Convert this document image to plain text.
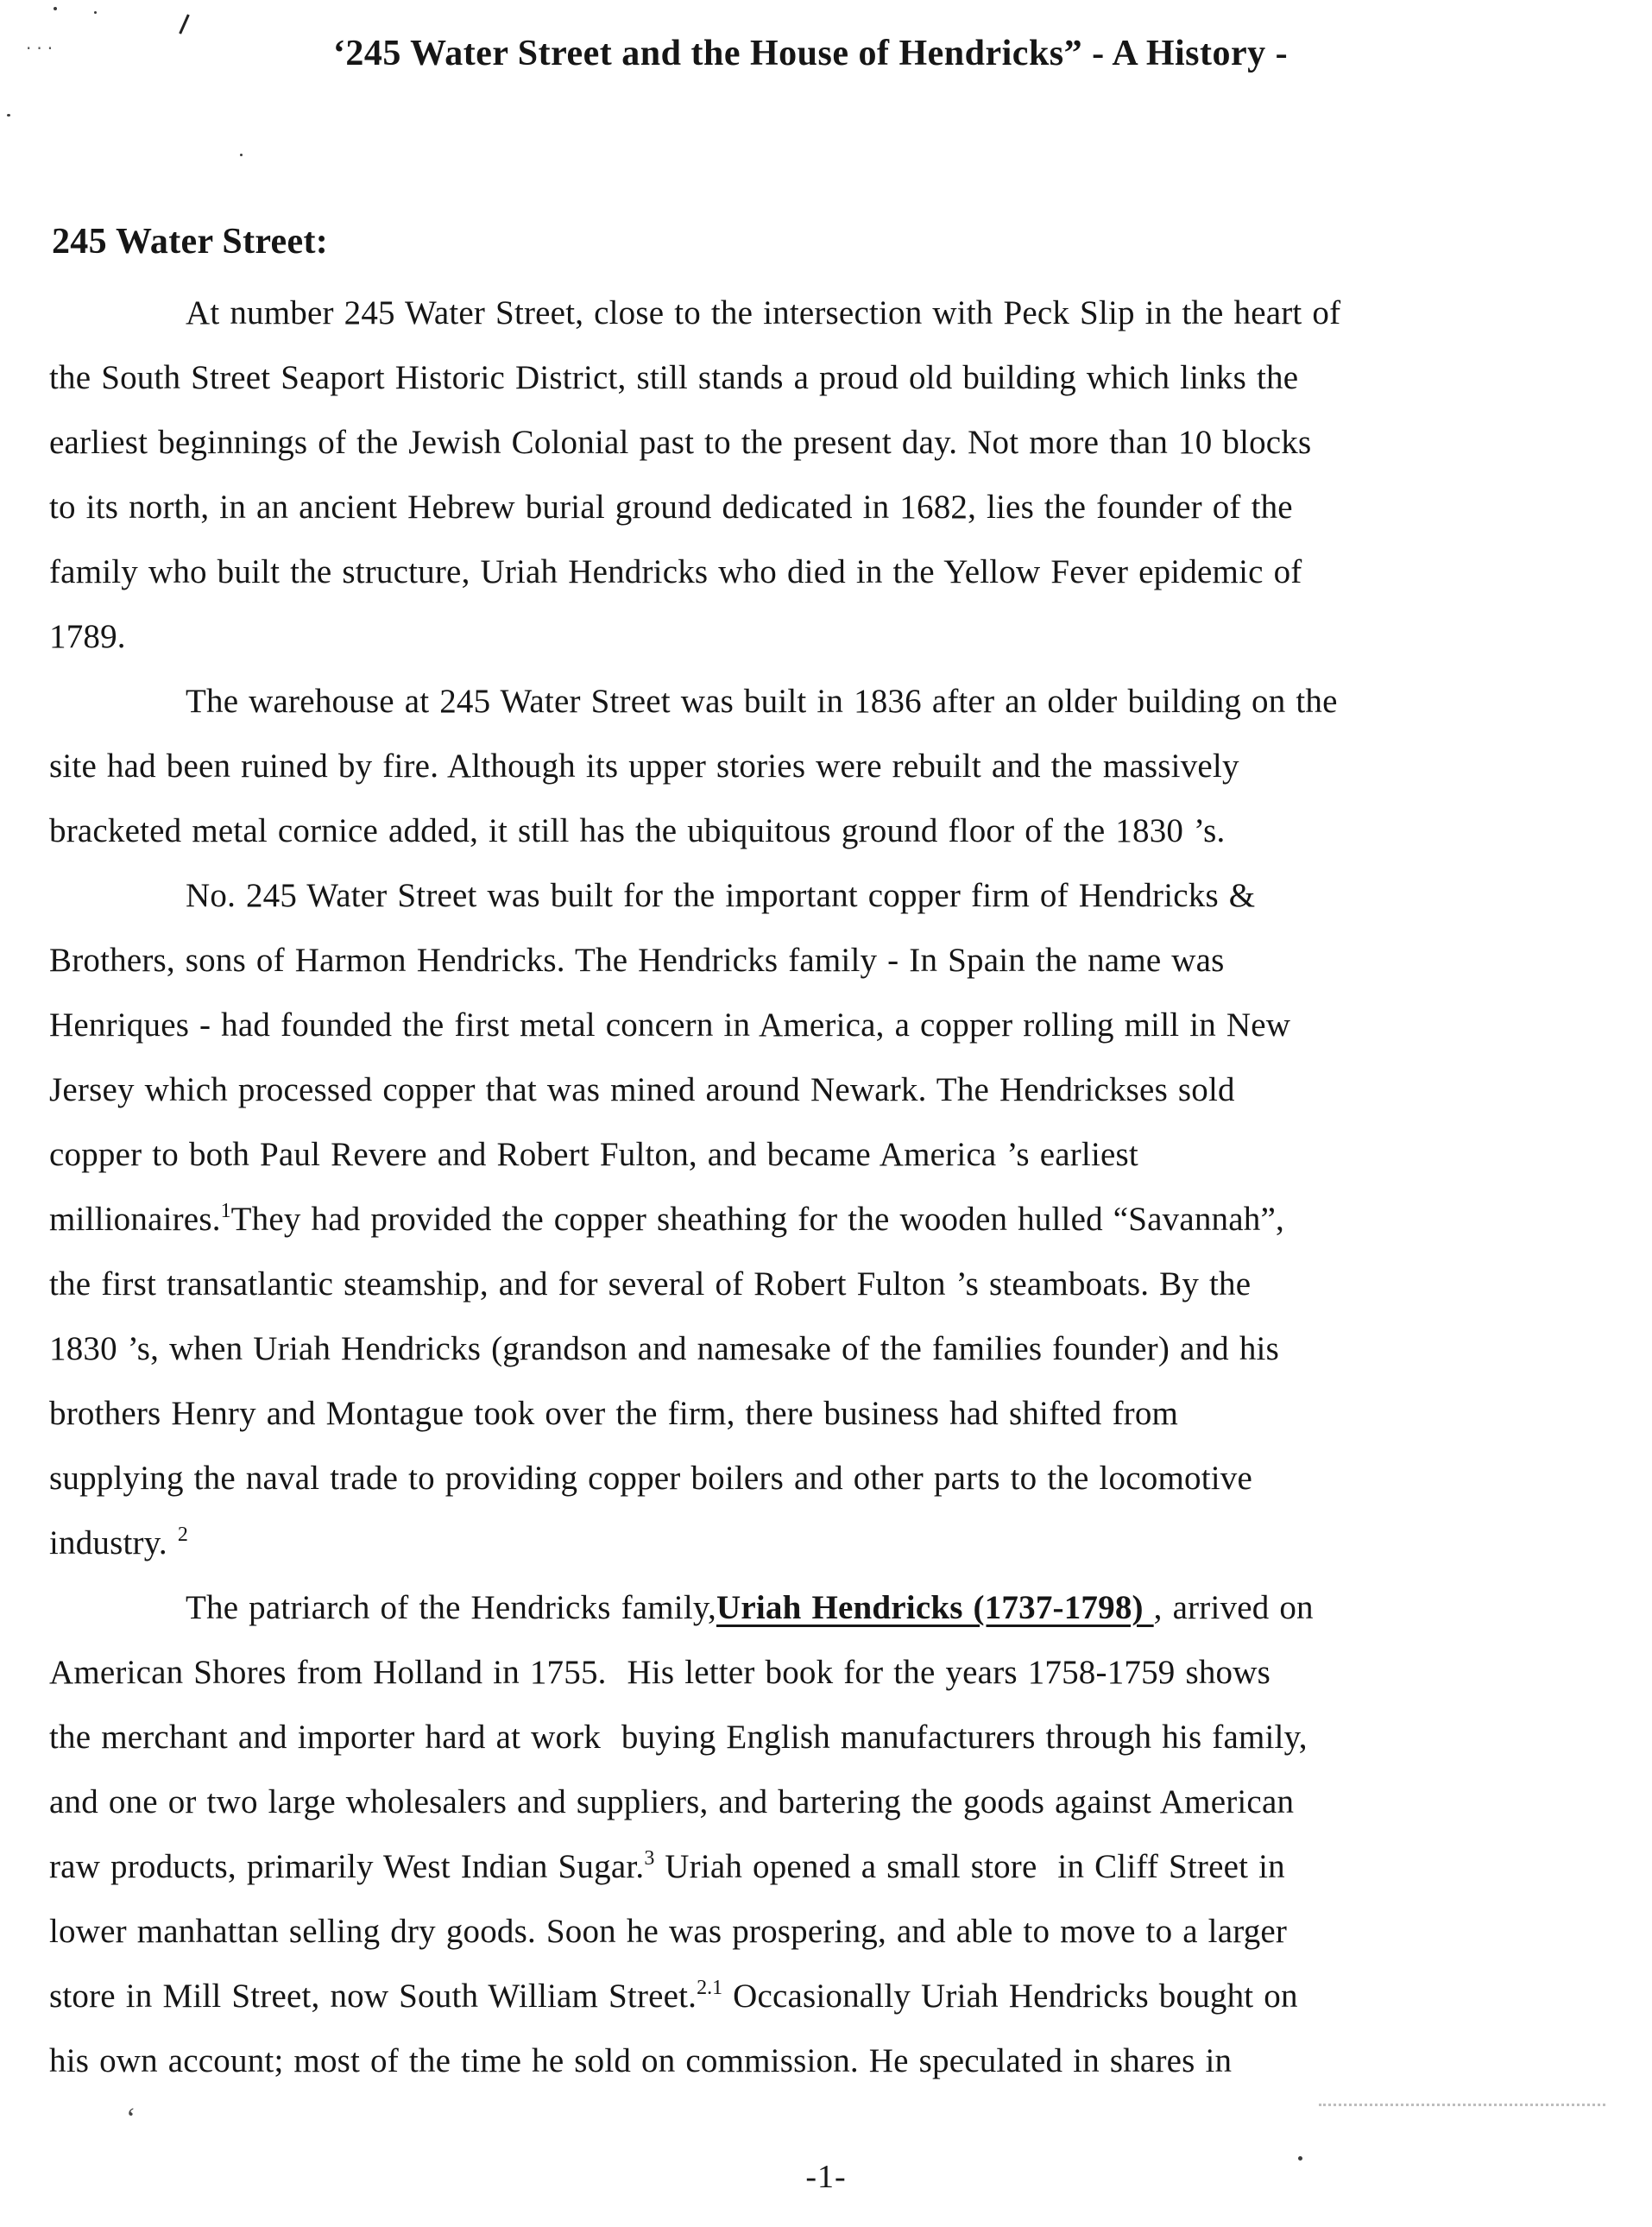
···
‘
‘245 Water Street and the House of Hendricks” - A History -
245 Water Street:
At number 245 Water Street, close to the intersection with Peck Slip in the heart of
the South Street Seaport Historic District, still stands a proud old building which links the
earliest beginnings of the Jewish Colonial past to the present day. Not more than 10 blocks
to its north, in an ancient Hebrew burial ground dedicated in 1682, lies the founder of the
family who built the structure, Uriah Hendricks who died in the Yellow Fever epidemic of
1789.
The warehouse at 245 Water Street was built in 1836 after an older building on the
site had been ruined by fire. Although its upper stories were rebuilt and the massively
bracketed metal cornice added, it still has the ubiquitous ground floor of the 1830 ’s.
No. 245 Water Street was built for the important copper firm of Hendricks &
Brothers, sons of Harmon Hendricks. The Hendricks family - In Spain the name was
Henriques - had founded the first metal concern in America, a copper rolling mill in New
Jersey which processed copper that was mined around Newark. The Hendrickses sold
copper to both Paul Revere and Robert Fulton, and became America ’s earliest
millionaires.$^1$They had provided the copper sheathing for the wooden hulled “Savannah”,
the first transatlantic steamship, and for several of Robert Fulton ’s steamboats. By the
1830 ’s, when Uriah Hendricks (grandson and namesake of the families founder) and his
brothers Henry and Montague took over the firm, there business had shifted from
supplying the naval trade to providing copper boilers and other parts to the locomotive
industry. $^2$
The patriarch of the Hendricks family,Uriah Hendricks (1737-1798) , arrived on
American Shores from Holland in 1755.  His letter book for the years 1758-1759 shows
the merchant and importer hard at work  buying English manufacturers through his family,
and one or two large wholesalers and suppliers, and bartering the goods against American
raw products, primarily West Indian Sugar.$^3$ Uriah opened a small store  in Cliff Street in
lower manhattan selling dry goods. Soon he was prospering, and able to move to a larger
store in Mill Street, now South William Street.$^{2.1}$ Occasionally Uriah Hendricks bought on
his own account; most of the time he sold on commission. He speculated in shares in
-1-
